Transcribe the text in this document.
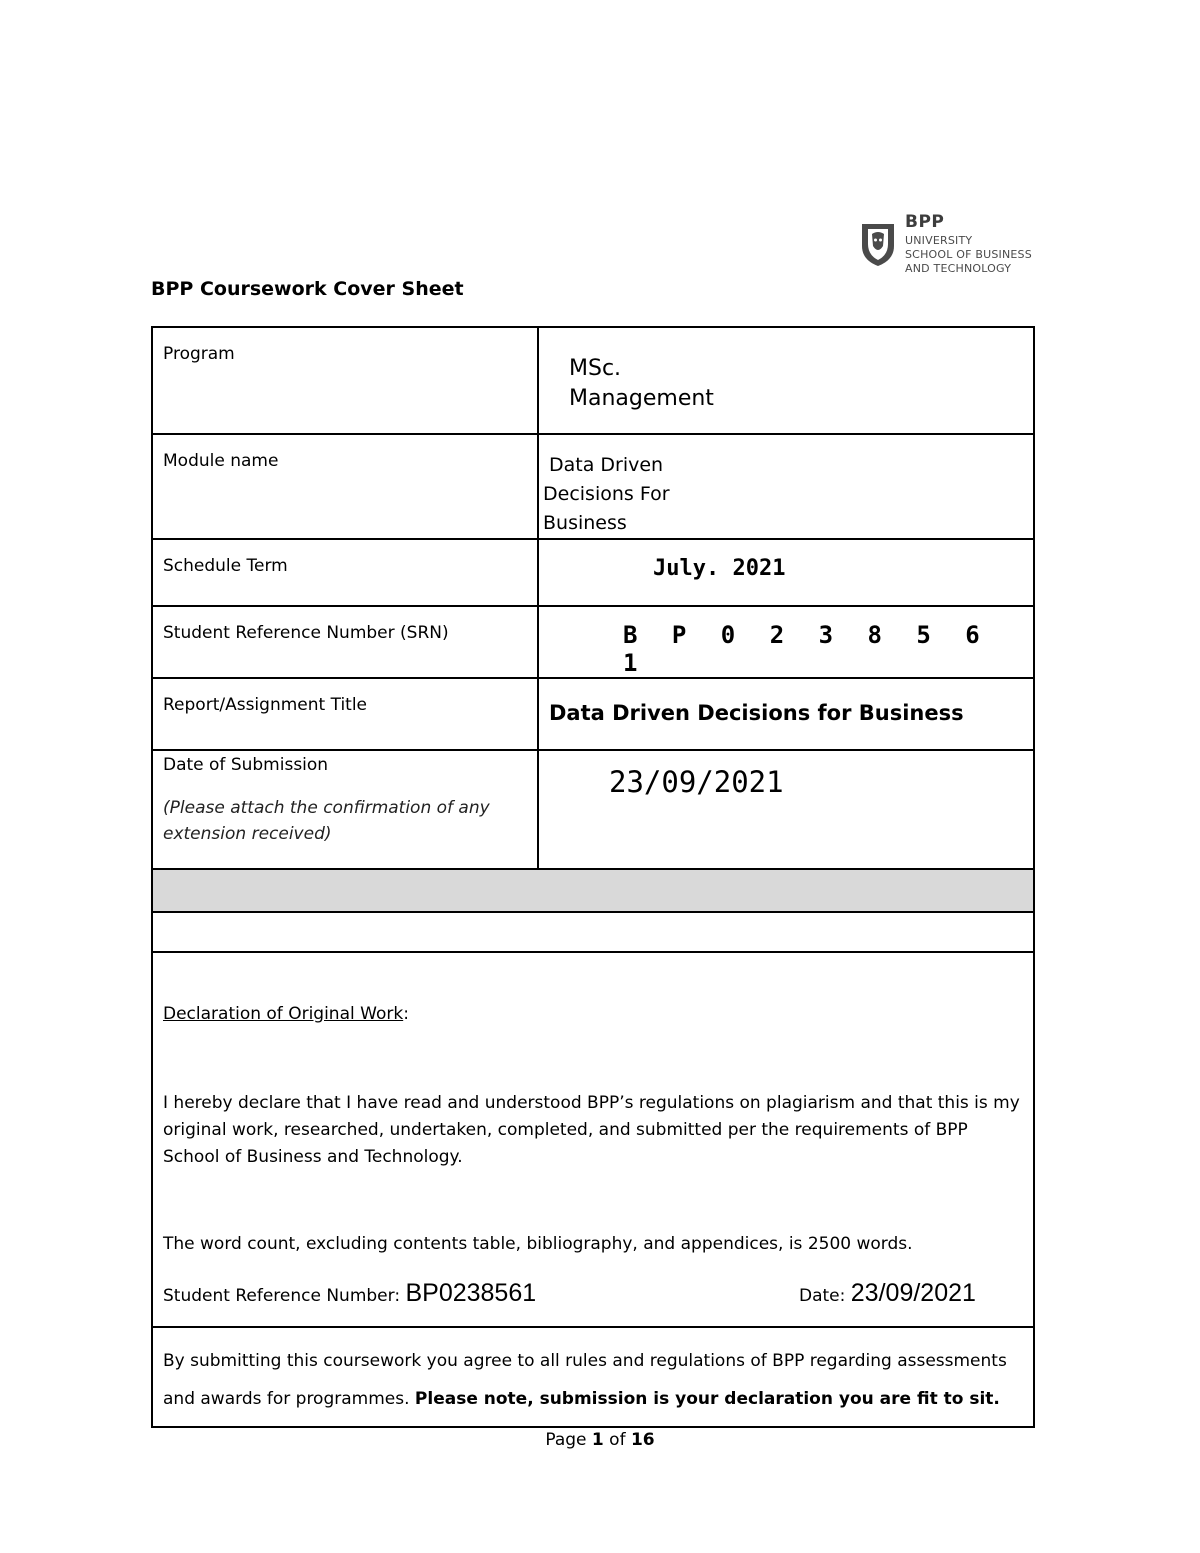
BPP
UNIVERSITY
SCHOOL OF BUSINESS
AND TECHNOLOGY
BPP Coursework Cover Sheet
Program	MSc.
Management

Module name	Data Driven
Decisions For
Business

Schedule Term	July. 2021

Student Reference Number (SRN)	B P 0 2 3 8 5 6 1

Report/Assignment Title	Data Driven Decisions for Business

Date of Submission
(Please attach the confirmation of any extension received)	23/09/2021

Declaration of Original Work:

I hereby declare that I have read and understood BPP’s regulations on plagiarism and that this is my original work, researched, undertaken, completed, and submitted per the requirements of BPP School of Business and Technology.

The word count, excluding contents table, bibliography, and appendices, is 2500 words.

Student Reference Number: BP0238561 Date: 23/09/2021	

By submitting this coursework you agree to all rules and regulations of BPP regarding assessments and awards for programmes. Please note, submission is your declaration you are fit to sit.	
Page 1 of 16
